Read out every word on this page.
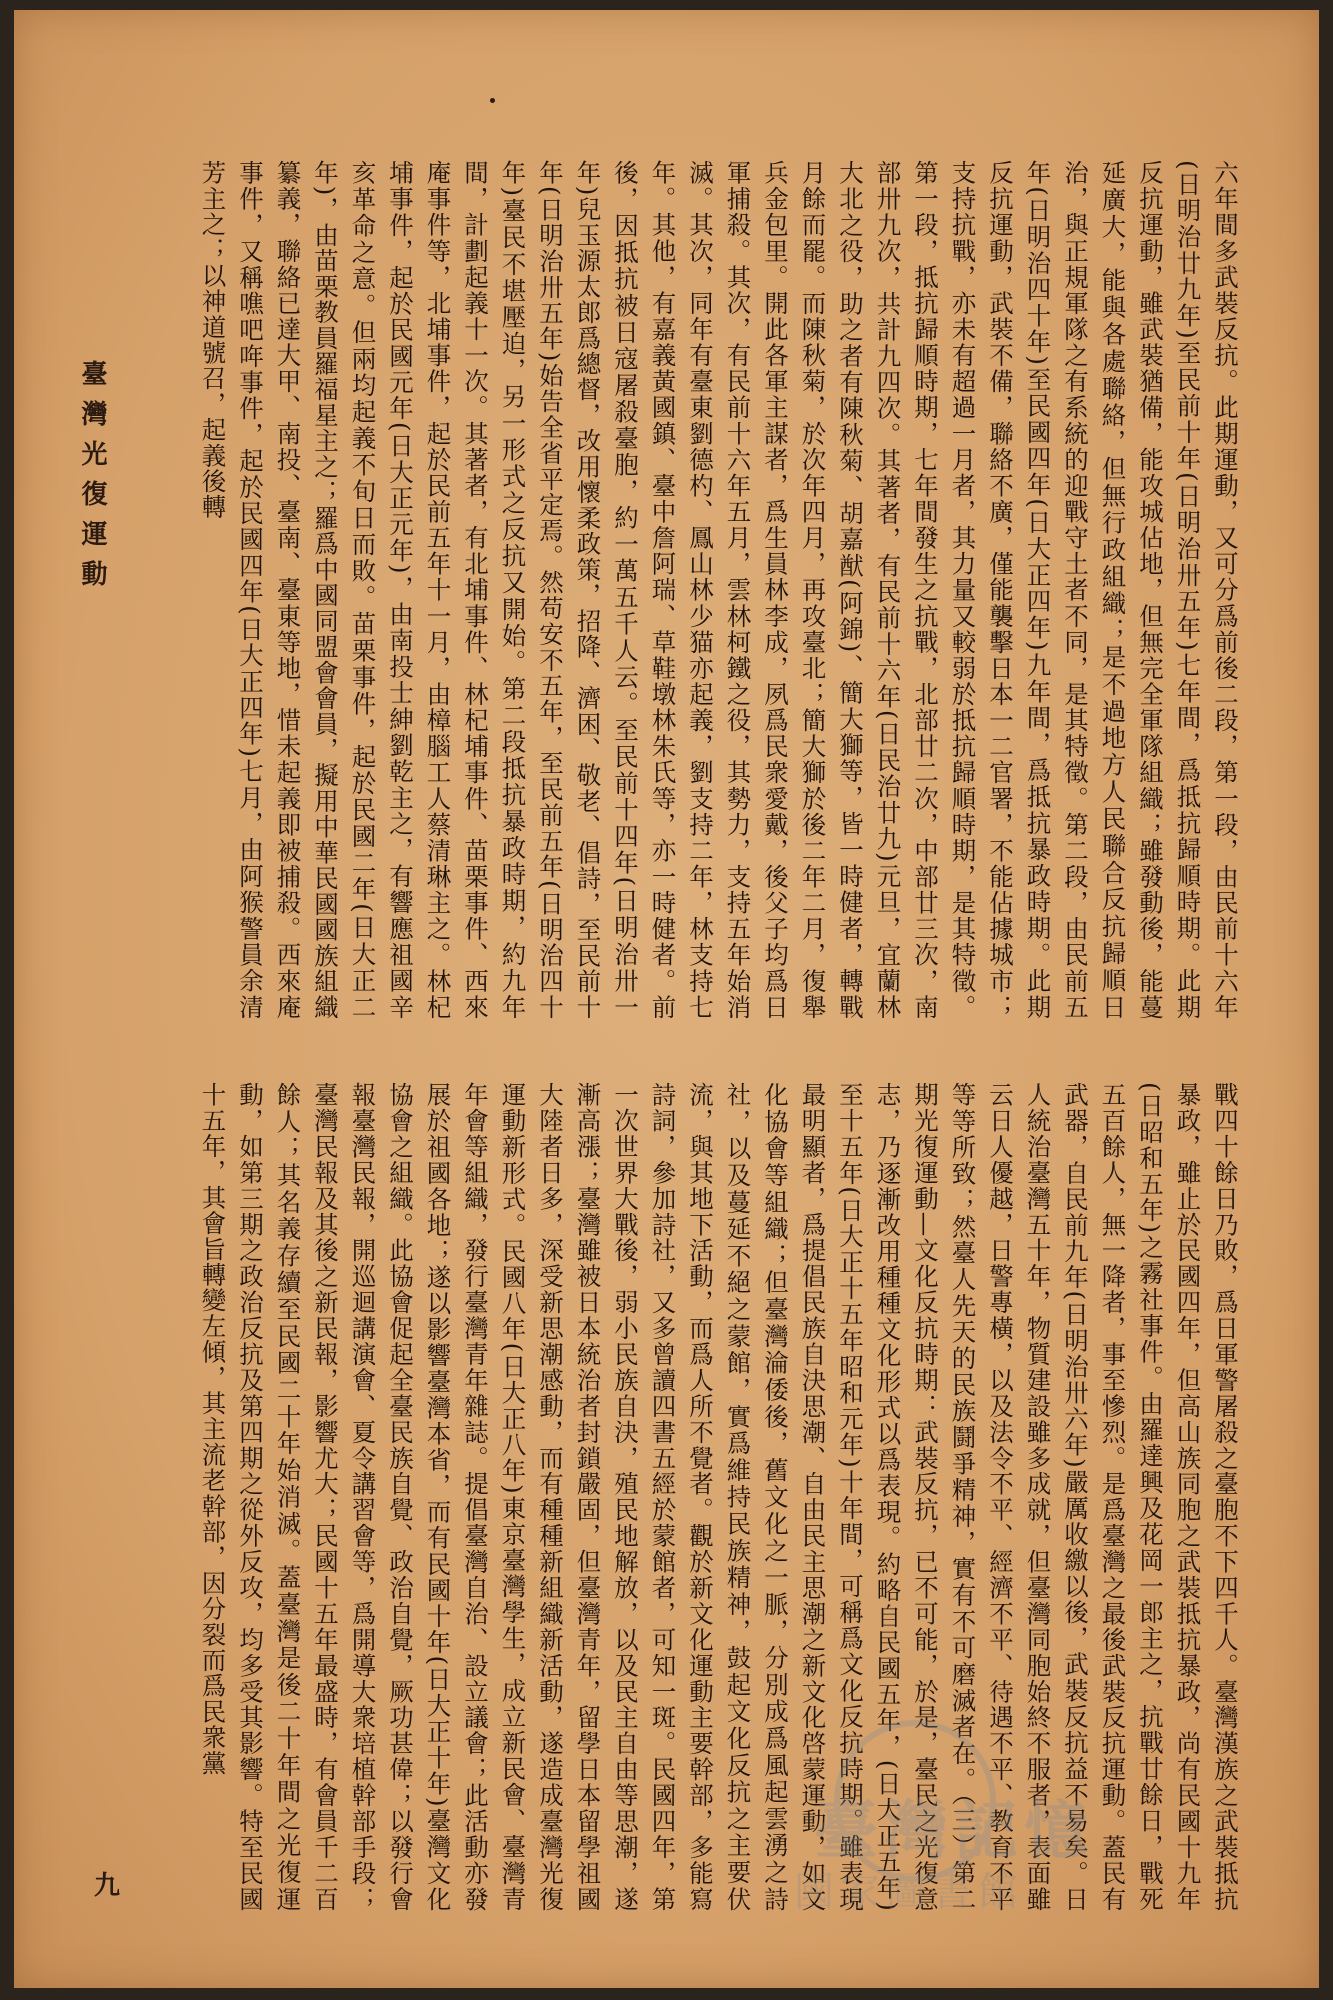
六年間多武裝反抗。此期運動，又可分爲前後二段，第一段，由民前十六年(日明治廿九年)至民前十年(日明治卅五年)七年間，爲抵抗歸順時期。此期反抗運動，雖武裝猶備，能攻城佔地，但無完全軍隊組織；雖發動後，能蔓延廣大，能與各處聯絡，但無行政組織；是不過地方人民聯合反抗歸順日治，與正規軍隊之有系統的迎戰守土者不同，是其特徵。第二段，由民前五年(日明治四十年)至民國四年(日大正四年)九年間，爲抵抗暴政時期。此期反抗運動，武裝不備，聯絡不廣，僅能襲擊日本一二官署，不能佔據城市；支持抗戰，亦未有超過一月者，其力量又較弱於抵抗歸順時期，是其特徵。第一段，抵抗歸順時期，七年間發生之抗戰，北部廿二次，中部廿三次，南部卅九次，共計九四次。其著者，有民前十六年(日民治廿九)元旦，宜蘭林大北之役，助之者有陳秋菊、胡嘉猷(阿錦)、簡大獅等，皆一時健者，轉戰月餘而罷。而陳秋菊，於次年四月，再攻臺北；簡大獅於後二年二月，復舉兵金包里。開此各軍主謀者，爲生員林李成，夙爲民衆愛戴，後父子均爲日軍捕殺。其次，有民前十六年五月，雲林柯鐵之役，其勢力，支持五年始消滅。其次，同年有臺東劉德杓、鳳山林少猫亦起義，劉支持二年，林支持七年。其他，有嘉義黃國鎮、臺中詹阿瑞、草鞋墩林朱氏等，亦一時健者。前後，因抵抗被日寇屠殺臺胞，約一萬五千人云。至民前十四年(日明治卅一年)兒玉源太郎爲總督，改用懷柔政策，招降、濟困、敬老、倡詩，至民前十年(日明治卅五年)始告全省平定焉。然苟安不五年，至民前五年(日明治四十年)臺民不堪壓迫，另一形式之反抗又開始。第二段抵抗暴政時期，約九年間，計劃起義十一次。其著者，有北埔事件、林杞埔事件、苗栗事件、西來庵事件等，北埔事件，起於民前五年十一月，由樟腦工人蔡清琳主之。林杞埔事件，起於民國元年(日大正元年)，由南投士紳劉乾主之，有響應祖國辛亥革命之意。但兩均起義不旬日而敗。苗栗事件，起於民國二年(日大正二年)，由苗栗教員羅福星主之；羅爲中國同盟會會員，擬用中華民國國族組織纂義，聯絡已達大甲、南投、臺南、臺東等地，惜未起義即被捕殺。西來庵事件，又稱噍吧哖事件，起於民國四年(日大正四年)七月，由阿猴警員余清芳主之；以神道號召，起義後轉

戰四十餘日乃敗，爲日軍警屠殺之臺胞不下四千人。臺灣漢族之武裝抵抗暴政，雖止於民國四年，但高山族同胞之武裝抵抗暴政，尚有民國十九年(日昭和五年)之霧社事件。由羅達興及花岡一郎主之，抗戰廿餘日，戰死五百餘人，無一降者，事至慘烈。是爲臺灣之最後武裝反抗運動。蓋民有武器，自民前九年(日明治卅六年)嚴厲收繳以後，武裝反抗益不易矣。日人統治臺灣五十年，物質建設雖多成就，但臺灣同胞始終不服者，表面雖云日人優越，日警專橫，以及法令不平、經濟不平、待遇不平、教育不平等等所致；然臺人先天的民族鬪爭精神，實有不可磨滅者在。（三）第二期光復運動—文化反抗時期：武裝反抗，已不可能，於是，臺民之光復意志，乃逐漸改用種種文化形式以爲表現。約略自民國五年，(日大正五年)至十五年(日大正十五年昭和元年)十年間，可稱爲文化反抗時期。雖表現最明顯者，爲提倡民族自決思潮、自由民主思潮之新文化啓蒙運動，如文化協會等組織；但臺灣淪倭後，舊文化之一脈，分別成爲風起雲湧之詩社，以及蔓延不絕之蒙館，實爲維持民族精神，鼓起文化反抗之主要伏流，與其地下活動，而爲人所不覺者。觀於新文化運動主要幹部，多能寫詩詞，參加詩社，又多曾讀四書五經於蒙館者，可知一斑。民國四年，第一次世界大戰後，弱小民族自決，殖民地解放，以及民主自由等思潮，遂漸高漲；臺灣雖被日本統治者封鎖嚴固，但臺灣青年，留學日本留學祖國大陸者日多，深受新思潮感動，而有種種新組織新活動，遂造成臺灣光復運動新形式。民國八年(日大正八年)東京臺灣學生，成立新民會、臺灣青年會等組織，發行臺灣青年雜誌。提倡臺灣自治、設立議會；此活動亦發展於祖國各地；遂以影響臺灣本省，而有民國十年(日大正十年)臺灣文化協會之組織。此協會促起全臺民族自覺、政治自覺，厥功甚偉；以發行會報臺灣民報，開巡迴講演會、夏令講習會等，爲開導大衆培植幹部手段；臺灣民報及其後之新民報，影響尤大；民國十五年最盛時，有會員千二百餘人；其名義存續至民國二十年始消滅。蓋臺灣是後二十年間之光復運動，如第三期之政治反抗及第四期之從外反攻，均多受其影響。特至民國十五年，其會旨轉變左傾，其主流老幹部，因分裂而爲民衆黨

臺灣光復運動
九
臺灣記憶
國家圖書館
